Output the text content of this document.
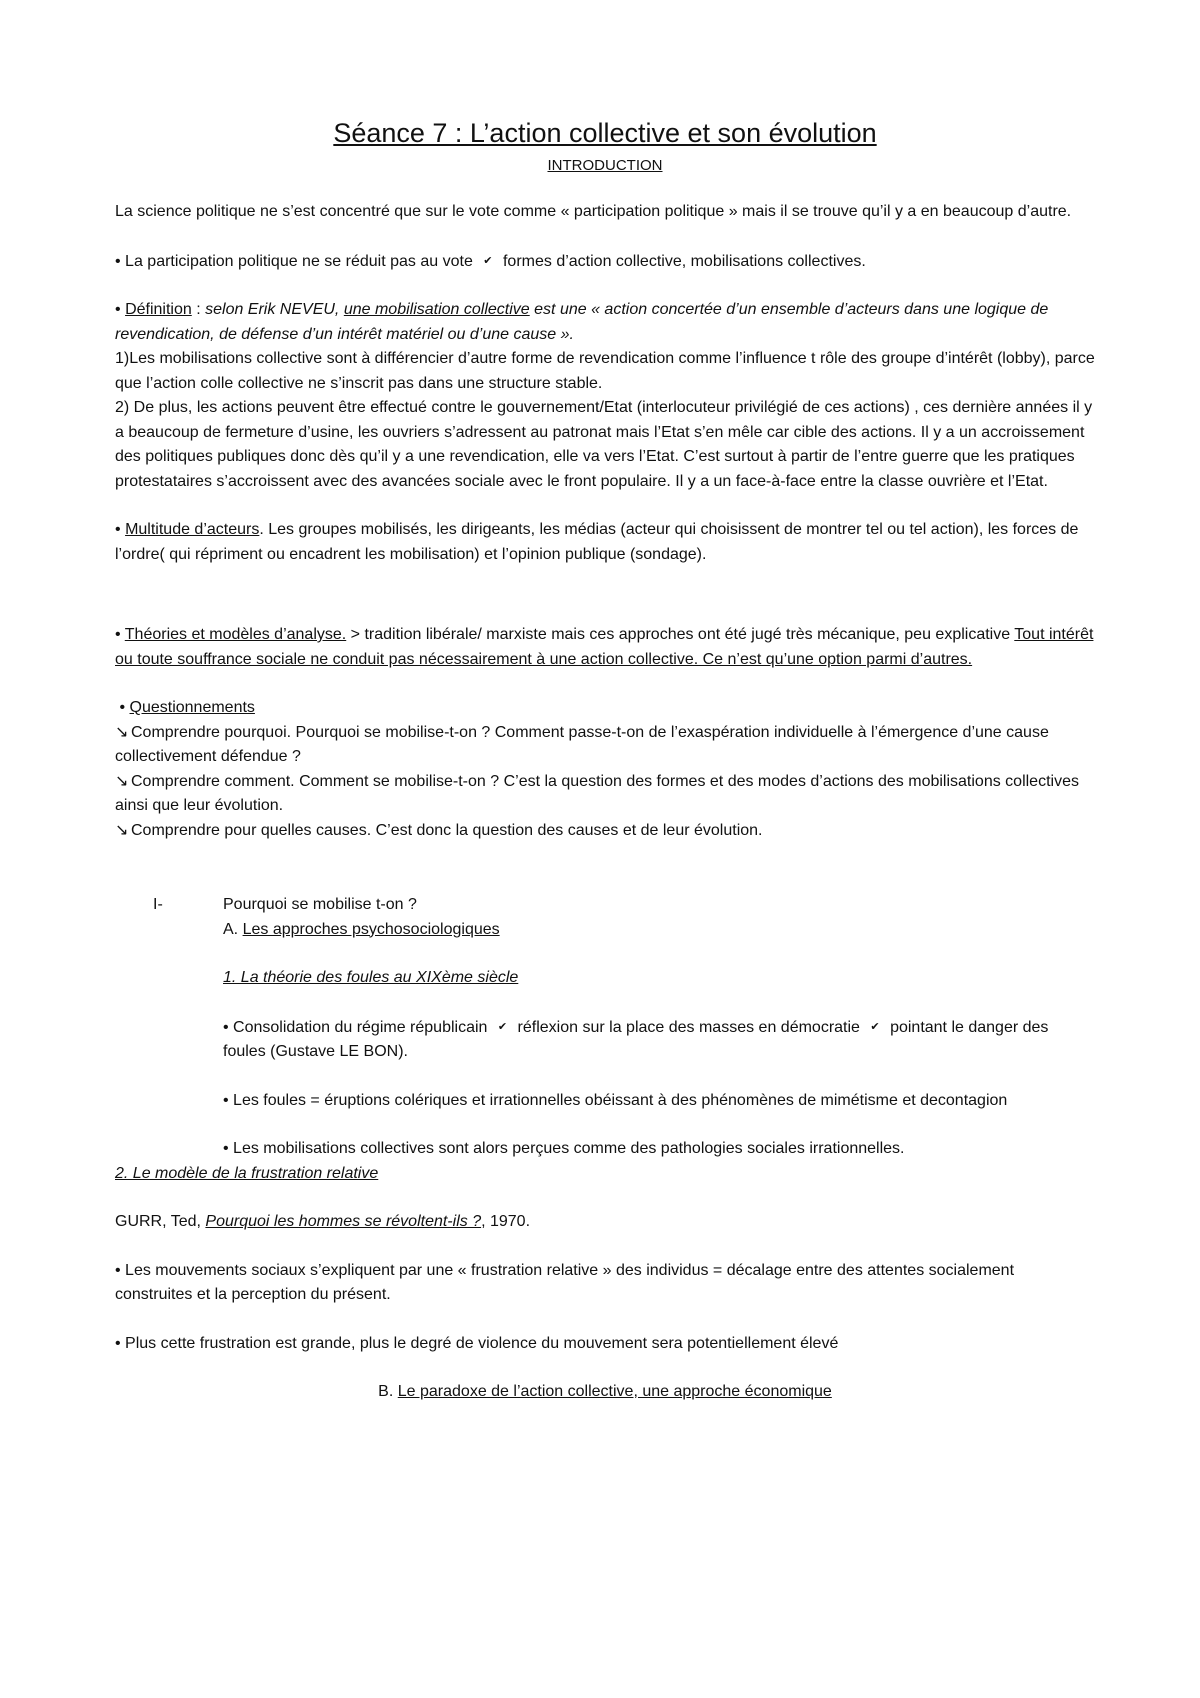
Séance 7 : L’action collective et son évolution
INTRODUCTION

La science politique ne s’est concentré que sur le vote comme « participation politique » mais il se trouve qu’il y a en beaucoup d’autre.

• La participation politique ne se réduit pas au vote ✔ formes d’action collective, mobilisations collectives.

• Définition : selon Erik NEVEU, une mobilisation collective est une « action concertée d’un ensemble d’acteurs dans une logique de revendication, de défense d’un intérêt matériel ou d’une cause ».

1)Les mobilisations collective sont à différencier d’autre forme de revendication comme l’influence t rôle des groupe d’intérêt (lobby), parce que l’action colle collective ne s’inscrit pas dans une structure stable.

2) De plus, les actions peuvent être effectué contre le gouvernement/Etat (interlocuteur privilégié de ces actions) , ces dernière années il y a beaucoup de fermeture d’usine, les ouvriers s’adressent au patronat mais l’Etat s’en mêle car cible des actions. Il y a un accroissement des politiques publiques donc dès qu’il y a une revendication, elle va vers l’Etat. C’est surtout à partir de l’entre guerre que les pratiques protestataires s’accroissent avec des avancées sociale avec le front populaire. Il y a un face-à-face entre la classe ouvrière et l’Etat.

• Multitude d’acteurs. Les groupes mobilisés, les dirigeants, les médias (acteur qui choisissent de montrer tel ou tel action), les forces de l’ordre( qui répriment ou encadrent les mobilisation) et l’opinion publique (sondage).

• Théories et modèles d’analyse. > tradition libérale/ marxiste mais ces approches ont été jugé très mécanique, peu explicative Tout intérêt ou toute souffrance sociale ne conduit pas nécessairement à une action collective. Ce n’est qu’une option parmi d’autres.

• Questionnements

↘ Comprendre pourquoi. Pourquoi se mobilise-t-on ? Comment passe-t-on de l’exaspération individuelle à l’émergence d’une cause collectivement défendue ?

↘ Comprendre comment. Comment se mobilise-t-on ? C’est la question des formes et des modes d’actions des mobilisations collectives ainsi que leur évolution.

↘ Comprendre pour quelles causes. C’est donc la question des causes et de leur évolution.

I-	Pourquoi se mobilise t-on ?

A. Les approches psychosociologiques

1. La théorie des foules au XIXème siècle

• Consolidation du régime républicain ✔ réflexion sur la place des masses en démocratie ✔ pointant le danger des foules (Gustave LE BON).

• Les foules = éruptions colériques et irrationnelles obéissant à des phénomènes de mimétisme et decontagion

• Les mobilisations collectives sont alors perçues comme des pathologies sociales irrationnelles.

2. Le modèle de la frustration relative

GURR, Ted, Pourquoi les hommes se révoltent-ils ?, 1970.

• Les mouvements sociaux s’expliquent par une « frustration relative » des individus = décalage entre des attentes socialement construites et la perception du présent.

• Plus cette frustration est grande, plus le degré de violence du mouvement sera potentiellement élevé

B. Le paradoxe de l’action collective, une approche économique
